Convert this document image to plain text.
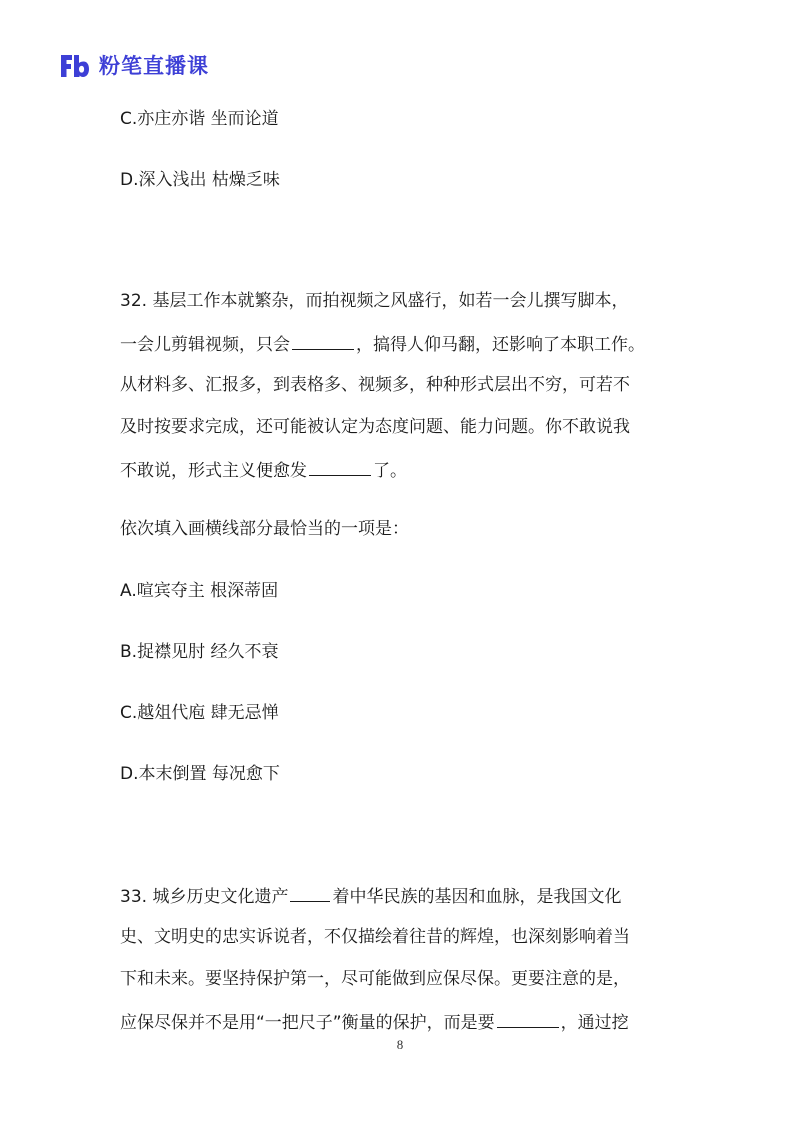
粉笔直播课
C.亦庄亦谐 坐而论道
D.深入浅出 枯燥乏味
32. 基层工作本就繁杂，而拍视频之风盛行，如若一会儿撰写脚本，
一会儿剪辑视频，只会	，搞得人仰马翻，还影响了本职工作。
从材料多、汇报多，到表格多、视频多，种种形式层出不穷，可若不
及时按要求完成，还可能被认定为态度问题、能力问题。你不敢说我
不敢说，形式主义便愈发	了。
依次填入画横线部分最恰当的一项是：
A.喧宾夺主 根深蒂固
B.捉襟见肘 经久不衰
C.越俎代庖 肆无忌惮
D.本末倒置 每况愈下
33. 城乡历史文化遗产	着中华民族的基因和血脉，是我国文化
史、文明史的忠实诉说者，不仅描绘着往昔的辉煌，也深刻影响着当
下和未来。要坚持保护第一，尽可能做到应保尽保。更要注意的是，
应保尽保并不是用“一把尺子”衡量的保护，而是要	，通过挖
8
